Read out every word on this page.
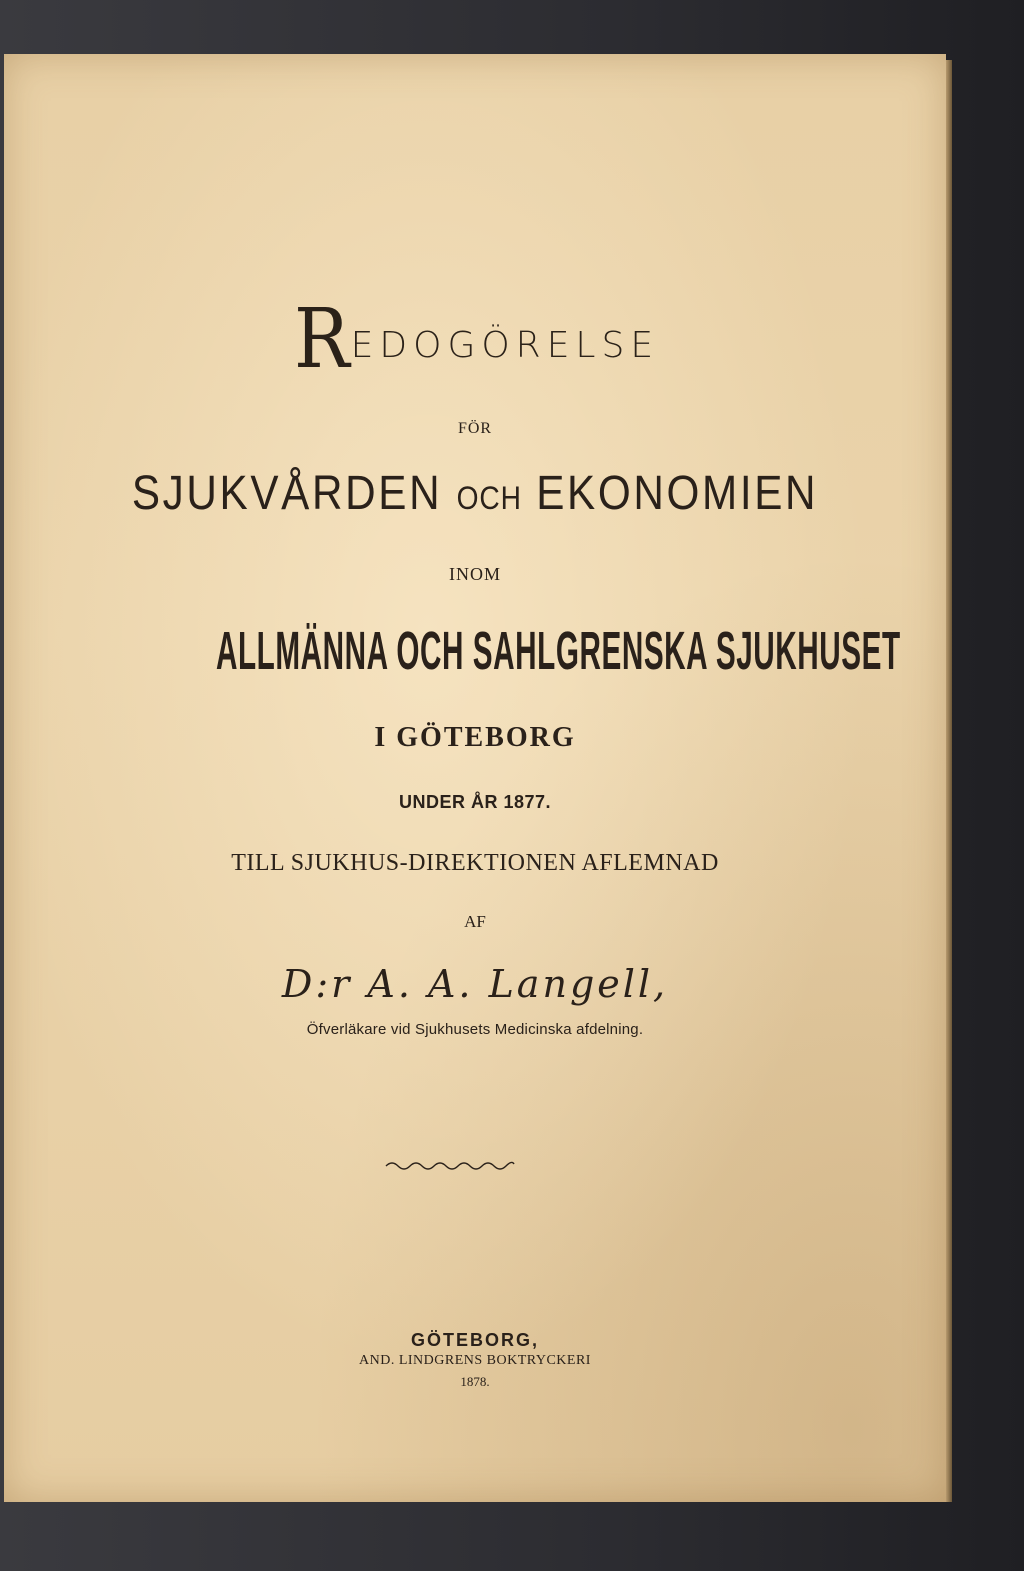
REDOGÖRELSE
FÖR
SJUKVÅRDEN OCH EKONOMIEN
INOM
ALLMÄNNA OCH SAHLGRENSKA SJUKHUSET
I GÖTEBORG
UNDER ÅR 1877.
TILL SJUKHUS-DIREKTIONEN AFLEMNAD
AF
D:r A. A. Langell,
Öfverläkare vid Sjukhusets Medicinska afdelning.
GÖTEBORG,
AND. LINDGRENS BOKTRYCKERI
1878.
